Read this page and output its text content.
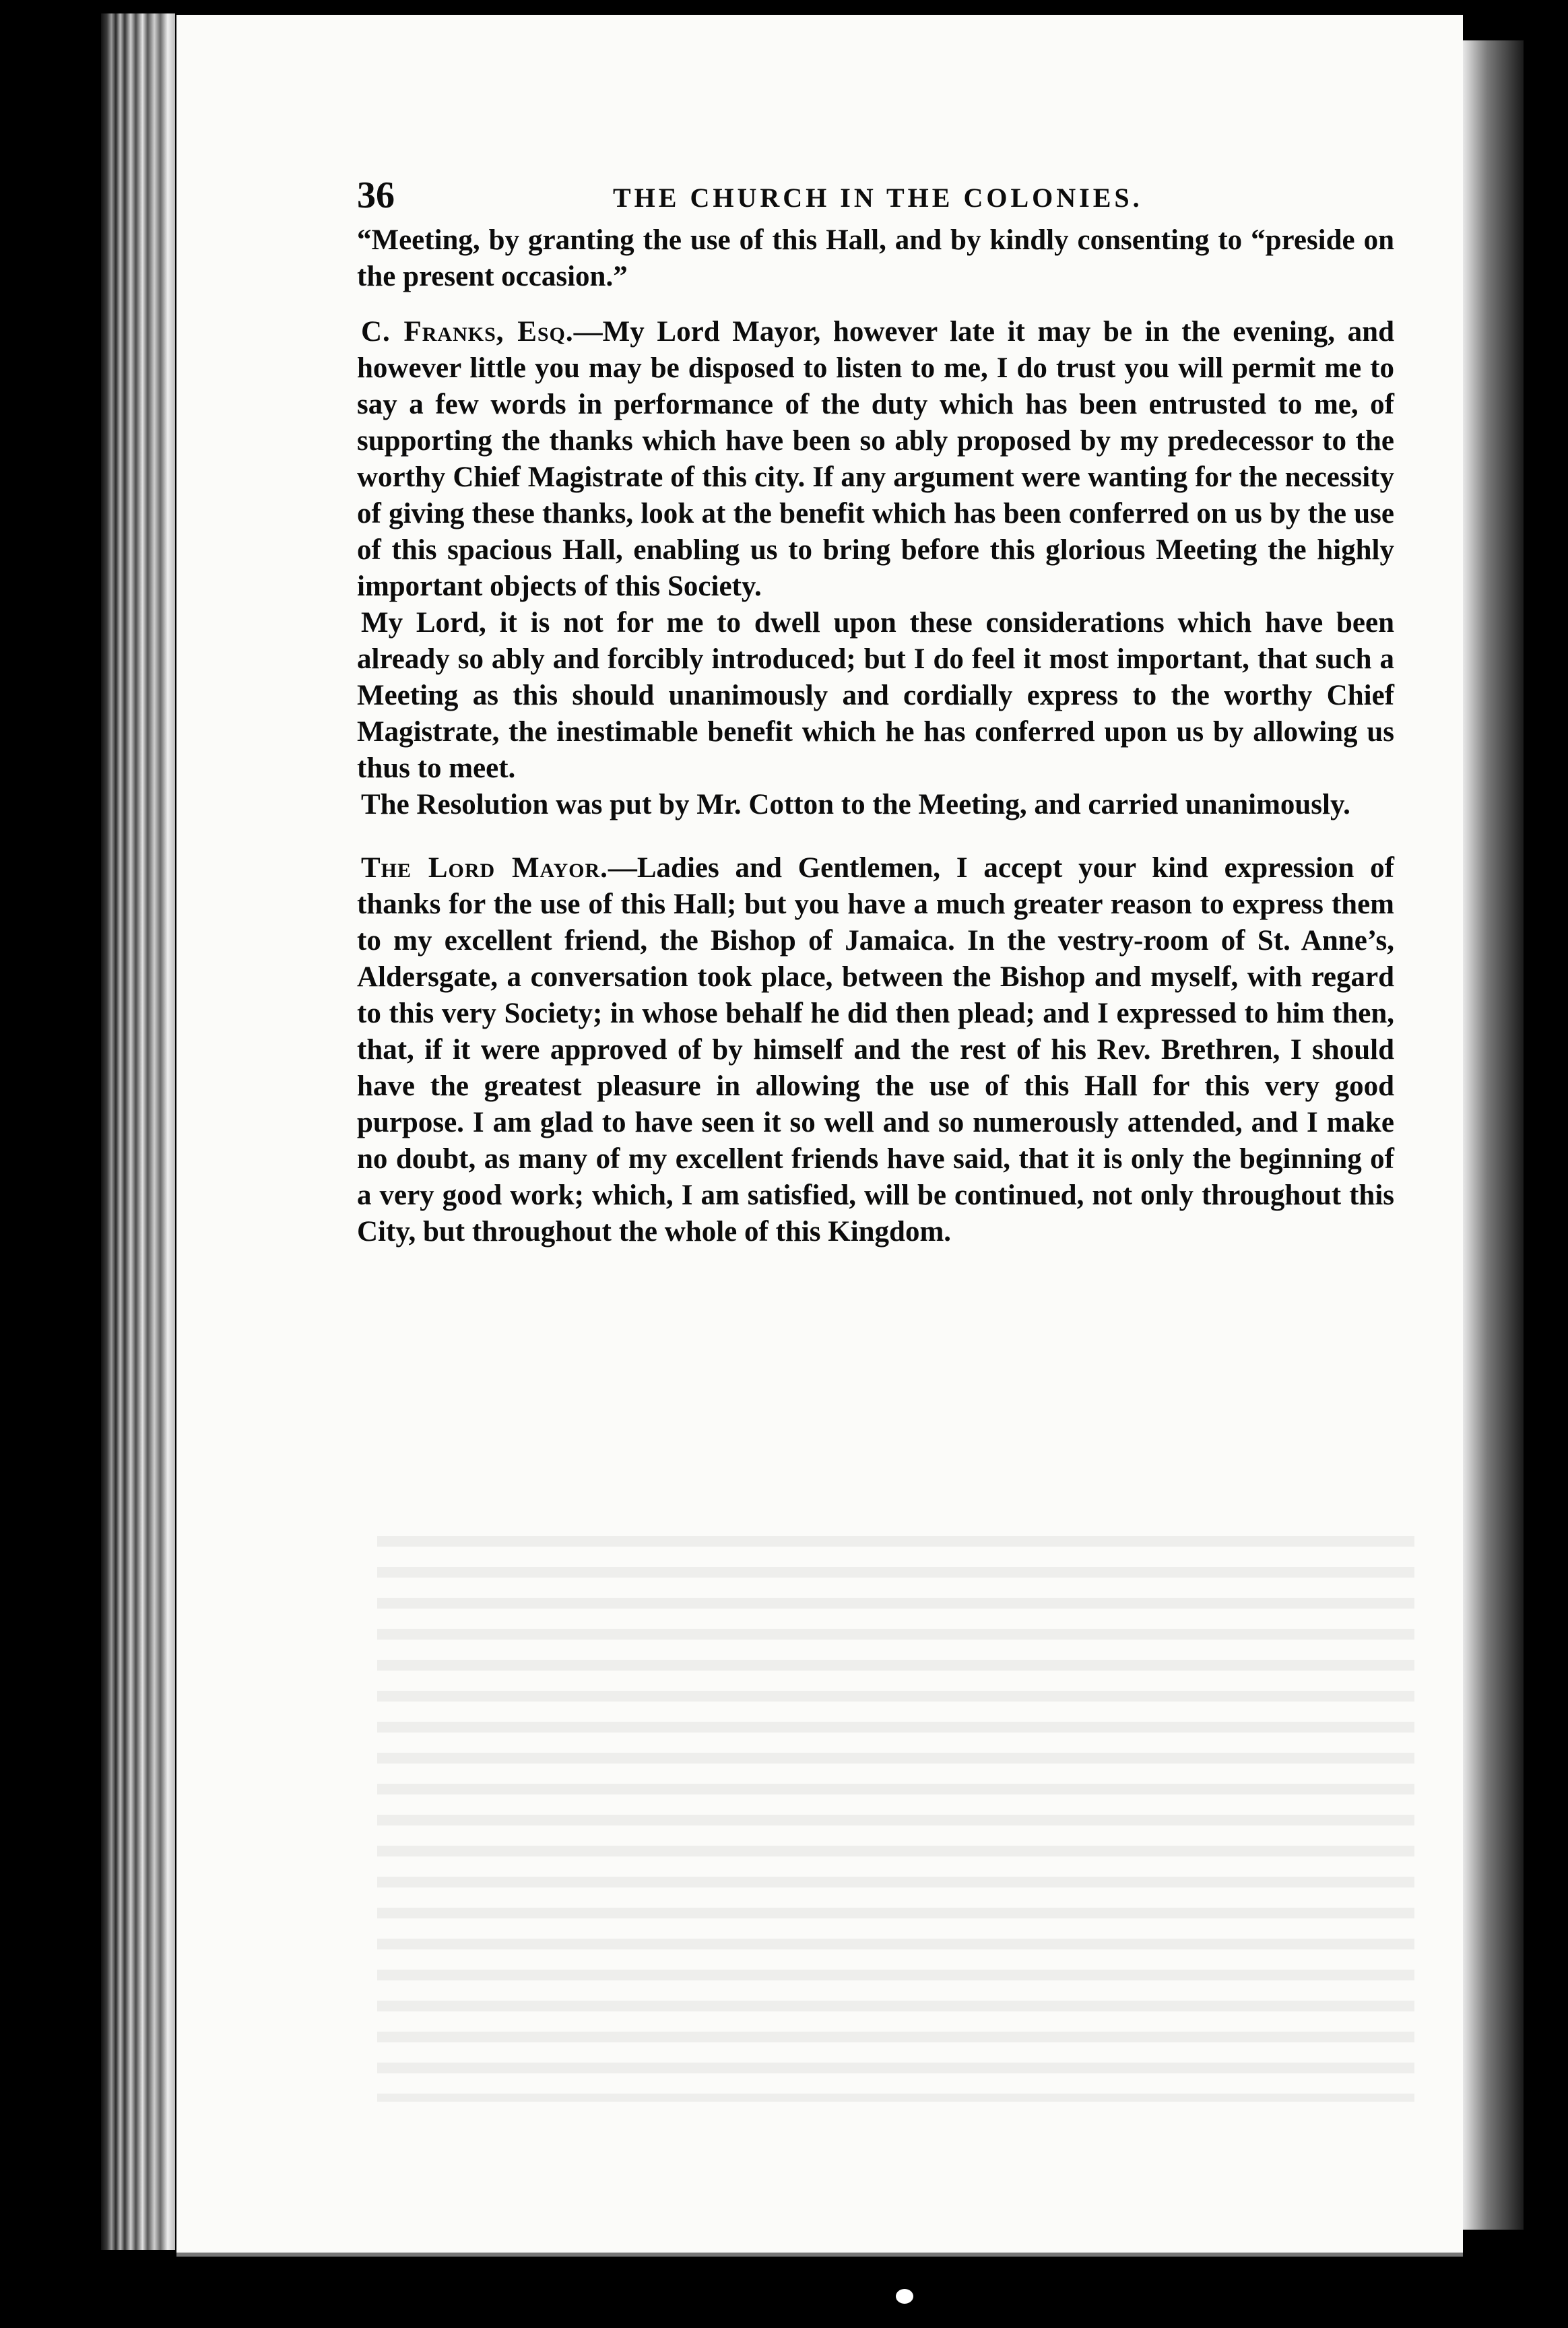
36	THE CHURCH IN THE COLONIES.

“Meeting, by granting the use of this Hall, and by kindly consenting to “preside on the present occasion.”

C. Franks, Esq.—My Lord Mayor, however late it may be in the evening, and however little you may be disposed to listen to me, I do trust you will permit me to say a few words in performance of the duty which has been entrusted to me, of supporting the thanks which have been so ably proposed by my predecessor to the worthy Chief Magistrate of this city. If any argument were wanting for the necessity of giving these thanks, look at the benefit which has been conferred on us by the use of this spacious Hall, enabling us to bring before this glorious Meeting the highly important objects of this Society.

My Lord, it is not for me to dwell upon these considerations which have been already so ably and forcibly introduced; but I do feel it most important, that such a Meeting as this should unanimously and cordially express to the worthy Chief Magistrate, the inestimable benefit which he has conferred upon us by allowing us thus to meet.

The Resolution was put by Mr. Cotton to the Meeting, and carried unanimously.

The Lord Mayor.—Ladies and Gentlemen, I accept your kind expression of thanks for the use of this Hall; but you have a much greater reason to express them to my excellent friend, the Bishop of Jamaica. In the vestry-room of St. Anne’s, Aldersgate, a conversation took place, between the Bishop and myself, with regard to this very Society; in whose behalf he did then plead; and I expressed to him then, that, if it were approved of by himself and the rest of his Rev. Brethren, I should have the greatest pleasure in allowing the use of this Hall for this very good purpose. I am glad to have seen it so well and so numerously attended, and I make no doubt, as many of my excellent friends have said, that it is only the beginning of a very good work; which, I am satisfied, will be continued, not only throughout this City, but throughout the whole of this Kingdom.
